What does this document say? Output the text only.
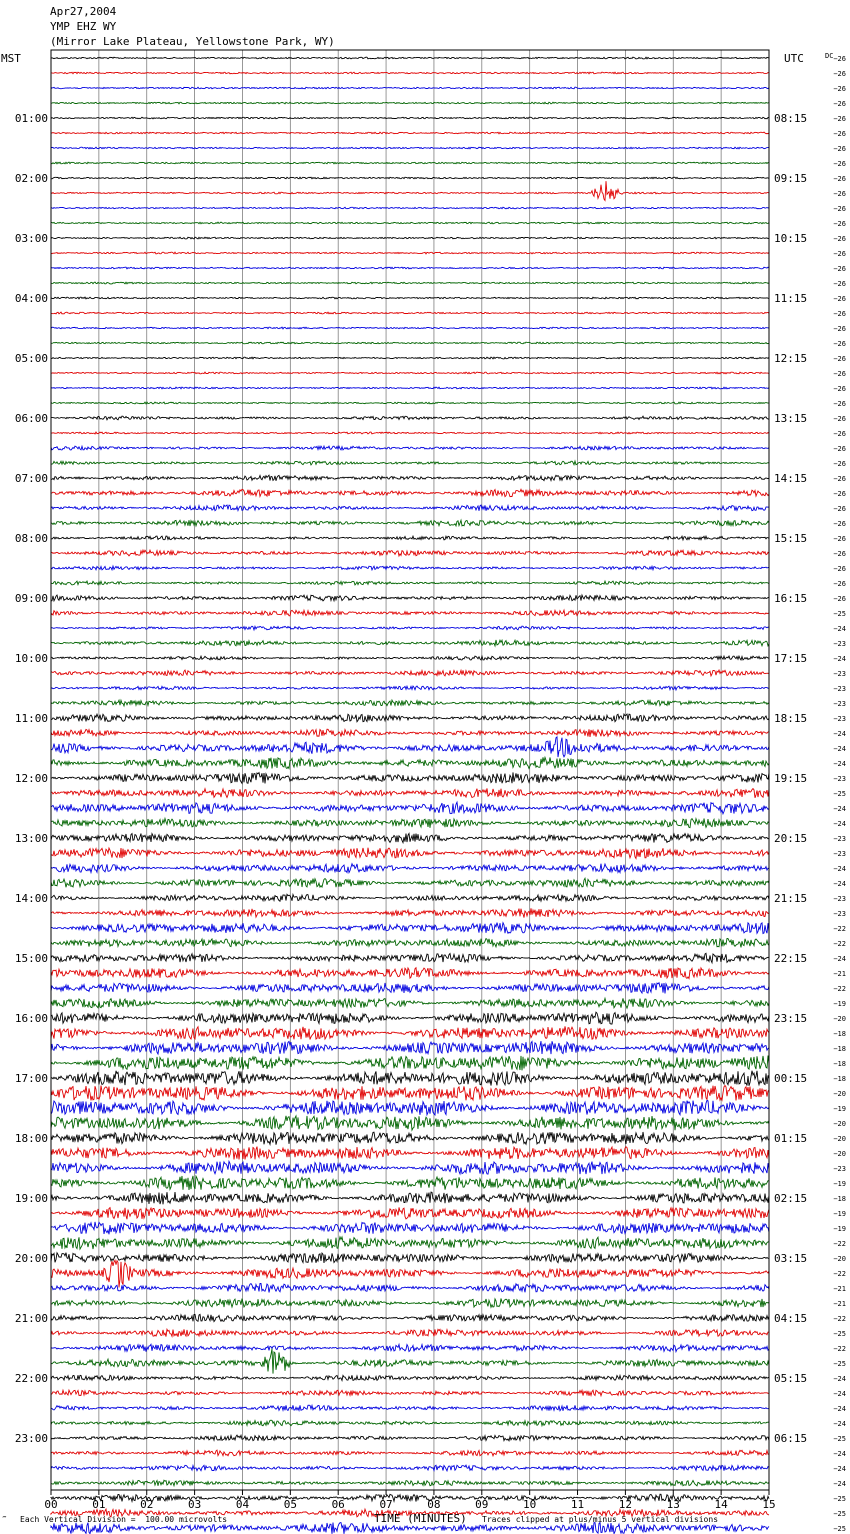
Apr27,2004
YMP EHZ WY
(Mirror Lake Plateau, Yellowstone Park, WY)
MST	UTC	DC
01:00
02:00
03:00
04:00
05:00
06:00
07:00
08:00
09:00
10:00
11:00
12:00
13:00
14:00
15:00
16:00
17:00
18:00
19:00
20:00
21:00
22:00
23:00
08:15
09:15
10:15
11:15
12:15
13:15
14:15
15:15
16:15
17:15
18:15
19:15
20:15
21:15
22:15
23:15
00:15
01:15
02:15
03:15
04:15
05:15
06:15
−26
−26
−26
−26
−26
−26
−26
−26
−26
−26
−26
−26
−26
−26
−26
−26
−26
−26
−26
−26
−26
−26
−26
−26
−26
−26
−26
−26
−26
−26
−26
−26
−26
−26
−26
−26
−26
−25
−24
−23
−24
−23
−23
−23
−23
−24
−24
−24
−23
−25
−24
−24
−23
−23
−24
−24
−23
−23
−22
−22
−24
−21
−22
−19
−20
−18
−18
−18
−18
−20
−19
−20
−20
−20
−23
−19
−18
−19
−19
−22
−20
−22
−21
−21
−22
−25
−22
−25
−24
−24
−24
−24
−25
−24
−24
−24
−25
−25
−25
00	01	02	03	04	05	06	07	08	09	10	11	12	13	14	15
‴ Each Vertical Division =  100.00 microvolts	TIME (MINUTES) Traces clipped at plus/minus 5 vertical divisions
